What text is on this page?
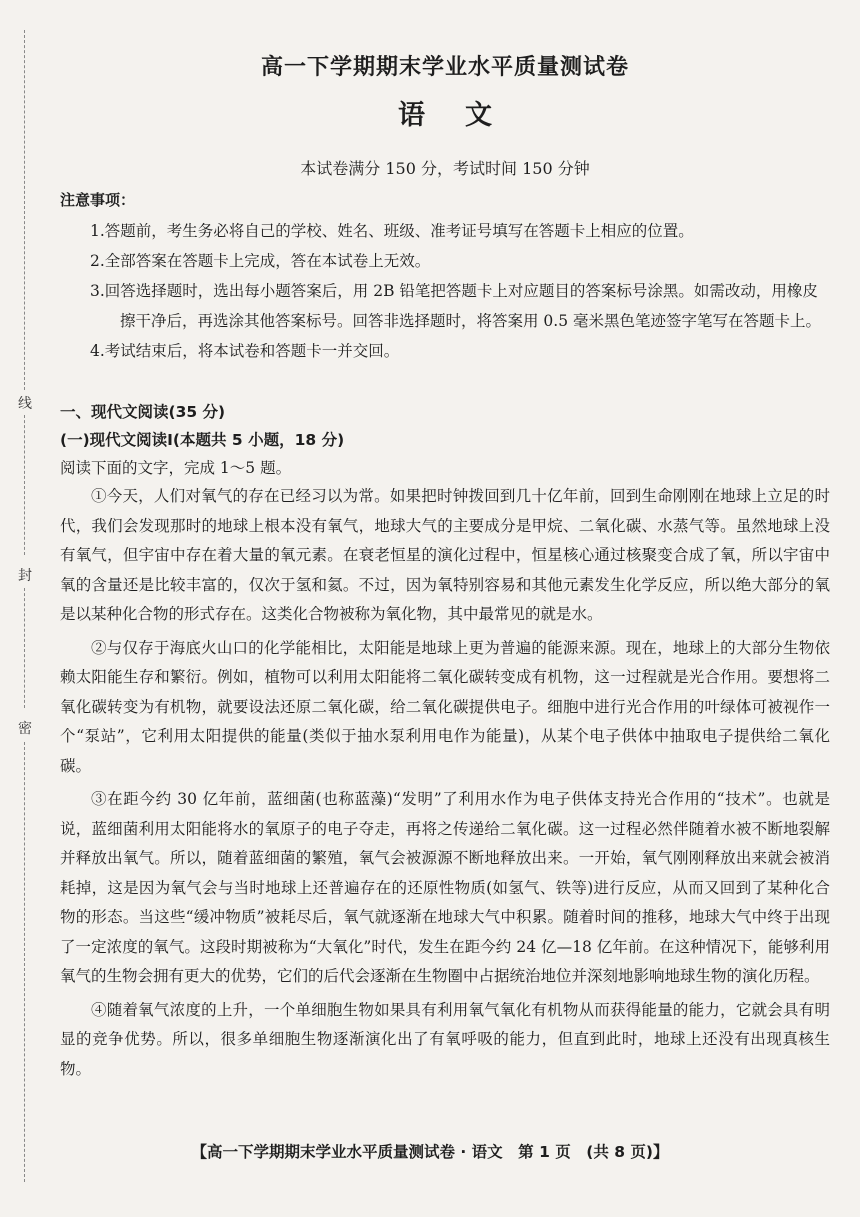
线
封
密
高一下学期期末学业水平质量测试卷
语文
本试卷满分 150 分，考试时间 150 分钟
注意事项：
1.答题前，考生务必将自己的学校、姓名、班级、准考证号填写在答题卡上相应的位置。
2.全部答案在答题卡上完成，答在本试卷上无效。
3.回答选择题时，选出每小题答案后，用 2B 铅笔把答题卡上对应题目的答案标号涂黑。如需改动，用橡皮擦干净后，再选涂其他答案标号。回答非选择题时，将答案用 0.5 毫米黑色笔迹签字笔写在答题卡上。
4.考试结束后，将本试卷和答题卡一并交回。
一、现代文阅读(35 分)
(一)现代文阅读Ⅰ(本题共 5 小题，18 分)
阅读下面的文字，完成 1～5 题。

①今天，人们对氧气的存在已经习以为常。如果把时钟拨回到几十亿年前，回到生命刚刚在地球上立足的时代，我们会发现那时的地球上根本没有氧气，地球大气的主要成分是甲烷、二氧化碳、水蒸气等。虽然地球上没有氧气，但宇宙中存在着大量的氧元素。在衰老恒星的演化过程中，恒星核心通过核聚变合成了氧，所以宇宙中氧的含量还是比较丰富的，仅次于氢和氦。不过，因为氧特别容易和其他元素发生化学反应，所以绝大部分的氧是以某种化合物的形式存在。这类化合物被称为氧化物，其中最常见的就是水。

②与仅存于海底火山口的化学能相比，太阳能是地球上更为普遍的能源来源。现在，地球上的大部分生物依赖太阳能生存和繁衍。例如，植物可以利用太阳能将二氧化碳转变成有机物，这一过程就是光合作用。要想将二氧化碳转变为有机物，就要设法还原二氧化碳，给二氧化碳提供电子。细胞中进行光合作用的叶绿体可被视作一个“泵站”，它利用太阳提供的能量(类似于抽水泵利用电作为能量)，从某个电子供体中抽取电子提供给二氧化碳。

③在距今约 30 亿年前，蓝细菌(也称蓝藻)“发明”了利用水作为电子供体支持光合作用的“技术”。也就是说，蓝细菌利用太阳能将水的氧原子的电子夺走，再将之传递给二氧化碳。这一过程必然伴随着水被不断地裂解并释放出氧气。所以，随着蓝细菌的繁殖，氧气会被源源不断地释放出来。一开始，氧气刚刚释放出来就会被消耗掉，这是因为氧气会与当时地球上还普遍存在的还原性物质(如氢气、铁等)进行反应，从而又回到了某种化合物的形态。当这些“缓冲物质”被耗尽后，氧气就逐渐在地球大气中积累。随着时间的推移，地球大气中终于出现了一定浓度的氧气。这段时期被称为“大氧化”时代，发生在距今约 24 亿—18 亿年前。在这种情况下，能够利用氧气的生物会拥有更大的优势，它们的后代会逐渐在生物圈中占据统治地位并深刻地影响地球生物的演化历程。

④随着氧气浓度的上升，一个单细胞生物如果具有利用氧气氧化有机物从而获得能量的能力，它就会具有明显的竞争优势。所以，很多单细胞生物逐渐演化出了有氧呼吸的能力，但直到此时，地球上还没有出现真核生物。

【高一下学期期末学业水平质量测试卷 · 语文　第 1 页　(共 8 页)】
